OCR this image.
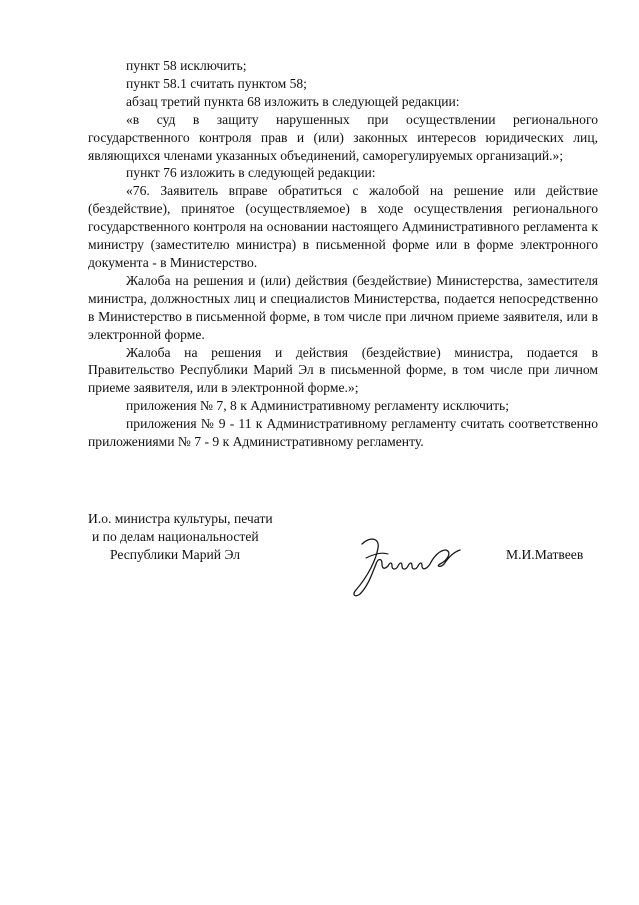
пункт 58 исключить;

пункт 58.1 считать пунктом 58;

абзац третий пункта 68 изложить в следующей редакции:

«в суд в защиту нарушенных при осуществлении регионального государственного контроля прав и (или) законных интересов юридических лиц, являющихся членами указанных объединений, саморегулируемых организаций.»;

пункт 76 изложить в следующей редакции:

«76. Заявитель вправе обратиться с жалобой на решение или действие (бездействие), принятое (осуществляемое) в ходе осуществления регионального государственного контроля на основании настоящего Административного регламента к министру (заместителю министра) в письменной форме или в форме электронного документа - в Министерство.

Жалоба на решения и (или) действия (бездействие) Министерства, заместителя министра, должностных лиц и специалистов Министерства, подается непосредственно в Министерство в письменной форме, в том числе при личном приеме заявителя, или в электронной форме.

Жалоба на решения и действия (бездействие) министра, подается в Правительство Республики Марий Эл в письменной форме, в том числе при личном приеме заявителя, или в электронной форме.»;

приложения № 7, 8 к Административному регламенту исключить;

приложения № 9 - 11 к Административному регламенту считать соответственно приложениями № 7 - 9 к Административному регламенту.

И.о. министра культуры, печати
и по делам национальностей
Республики Марий Эл	М.И.Матвеев
